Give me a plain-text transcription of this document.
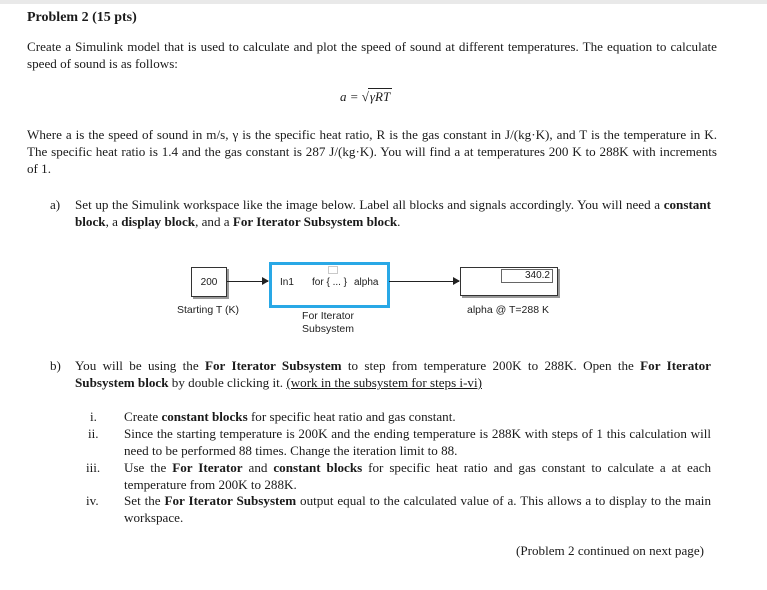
Problem 2 (15 pts)
Create a Simulink model that is used to calculate and plot the speed of sound at different temperatures. The equation to calculate speed of sound is as follows:
a = √γRT
Where a is the speed of sound in m/s, γ is the specific heat ratio, R is the gas constant in J/(kg·K), and T is the temperature in K. The specific heat ratio is 1.4 and the gas constant is 287 J/(kg·K). You will find a at temperatures 200 K to 288K with increments of 1.
a) Set up the Simulink workspace like the image below. Label all blocks and signals accordingly. You will need a constant block, a display block, and a For Iterator Subsystem block.
200
Starting T (K)
In1 for { ... } alpha
For Iterator
Subsystem
340.2
alpha @ T=288 K
b) You will be using the For Iterator Subsystem to step from temperature 200K to 288K. Open the For Iterator Subsystem block by double clicking it. (work in the subsystem for steps i-vi)
i. Create constant blocks for specific heat ratio and gas constant.
ii. Since the starting temperature is 200K and the ending temperature is 288K with steps of 1 this calculation will need to be performed 88 times. Change the iteration limit to 88.
iii. Use the For Iterator and constant blocks for specific heat ratio and gas constant to calculate a at each temperature from 200K to 288K.
iv. Set the For Iterator Subsystem output equal to the calculated value of a. This allows a to display to the main workspace.
(Problem 2 continued on next page)
